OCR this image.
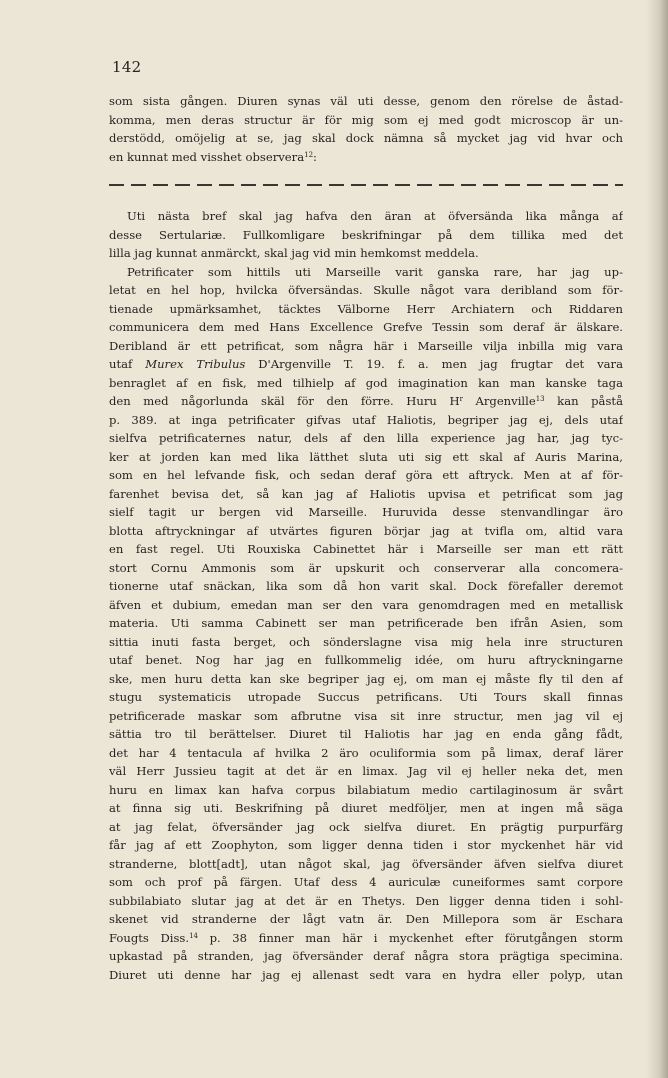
142
som sista gången. Diuren synas väl uti desse, genom den rörelse de åstad-
komma, men deras structur är för mig som ej med godt microscop är un-
derstödd, omöjelig at se, jag skal dock nämna så mycket jag vid hvar och
en kunnat med visshet observera$^{12}$:
Uti nästa bref skal jag hafva den äran at öfversända lika många af
desse Sertulariæ. Fullkomligare beskrifningar på dem tillika med det
lilla jag kunnat anmärckt, skal jag vid min hemkomst meddela.
Petrificater som hittils uti Marseille varit ganska rare, har jag up-
letat en hel hop, hvilcka öfversändas. Skulle något vara deribland som för-
tienade upmärksamhet, täcktes Välborne Herr Archiatern och Riddaren
communicera dem med Hans Excellence Grefve Tessin som deraf är älskare.
Deribland är ett petrificat, som några här i Marseille vilja inbilla mig vara
utaf Murex Tribulus D'Argenville T. 19. f. a. men jag frugtar det vara
benraglet af en fisk, med tilhielp af god imagination kan man kanske taga
den med någorlunda skäl för den förre. Huru $H^r$ Argenville$^{13}$ kan påstå
p. 389. at inga petrificater gifvas utaf Haliotis, begriper jag ej, dels utaf
sielfva petrificaternes natur, dels af den lilla experience jag har, jag tyc-
ker at jorden kan med lika lätthet sluta uti sig ett skal af Auris Marina,
som en hel lefvande fisk, och sedan deraf göra ett aftryck. Men at af för-
farenhet bevisa det, så kan jag af Haliotis upvisa et petrificat som jag
sielf tagit ur bergen vid Marseille. Huruvida desse stenvandlingar äro
blotta aftryckningar af utvärtes figuren börjar jag at tvifla om, altid vara
en fast regel. Uti Rouxiska Cabinettet här i Marseille ser man ett rätt
stort Cornu Ammonis som är upskurit och conserverar alla concomera-
tionerne utaf snäckan, lika som då hon varit skal. Dock förefaller deremot
äfven et dubium, emedan man ser den vara genomdragen med en metallisk
materia. Uti samma Cabinett ser man petrificerade ben ifrån Asien, som
sittia inuti fasta berget, och sönderslagne visa mig hela inre structuren
utaf benet. Nog har jag en fullkommelig idée, om huru aftryckningarne
ske, men huru detta kan ske begriper jag ej, om man ej måste fly til den af
stugu systematicis utropade Succus petrificans. Uti Tours skall finnas
petrificerade maskar som afbrutne visa sit inre structur, men jag vil ej
sättia tro til berättelser. Diuret til Haliotis har jag en enda gång fådt,
det har 4 tentacula af hvilka 2 äro oculiformia som på limax, deraf lärer
väl Herr Jussieu tagit at det är en limax. Jag vil ej heller neka det, men
huru en limax kan hafva corpus bilabiatum medio cartilaginosum är svårt
at finna sig uti. Beskrifning på diuret medföljer, men at ingen må säga
at jag felat, öfversänder jag ock sielfva diuret. En prägtig purpurfärg
får jag af ett Zoophyton, som ligger denna tiden i stor myckenhet här vid
stranderne, blott[adt], utan något skal, jag öfversänder äfven sielfva diuret
som och prof på färgen. Utaf dess 4 auriculæ cuneiformes samt corpore
subbilabiato slutar jag at det är en Thetys. Den ligger denna tiden i sohl-
skenet vid stranderne der lågt vatn är. Den Millepora som är Eschara
Fougts Diss.$^{14}$ p. 38 finner man här i myckenhet efter förutgången storm
upkastad på stranden, jag öfversänder deraf några stora prägtiga specimina.
Diuret uti denne har jag ej allenast sedt vara en hydra eller polyp, utan
